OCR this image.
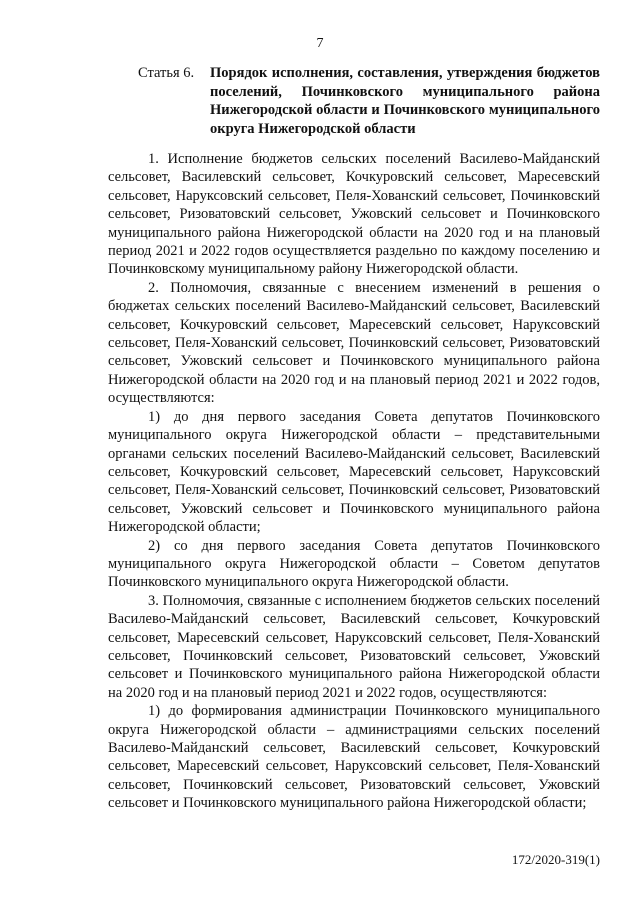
7
Статья 6. Порядок исполнения, составления, утверждения бюджетов поселений, Починковского муниципального района Нижегородской области и Починковского муниципального округа Нижегородской области

1. Исполнение бюджетов сельских поселений Василево-Майданский сельсовет, Василевский сельсовет, Кочкуровский сельсовет, Маресевский сельсовет, Наруксовский сельсовет, Пеля-Хованский сельсовет, Починковский сельсовет, Ризоватовский сельсовет, Ужовский сельсовет и Починковского муниципального района Нижегородской области на 2020 год и на плановый период 2021 и 2022 годов осуществляется раздельно по каждому поселению и Починковскому муниципальному району Нижегородской области.

2. Полномочия, связанные с внесением изменений в решения о бюджетах сельских поселений Василево-Майданский сельсовет, Василевский сельсовет, Кочкуровский сельсовет, Маресевский сельсовет, Наруксовский сельсовет, Пеля-Хованский сельсовет, Починковский сельсовет, Ризоватовский сельсовет, Ужовский сельсовет и Починковского муниципального района Нижегородской области на 2020 год и на плановый период 2021 и 2022 годов, осуществляются:

1) до дня первого заседания Совета депутатов Починковского муниципального округа Нижегородской области – представительными органами сельских поселений Василево-Майданский сельсовет, Василевский сельсовет, Кочкуровский сельсовет, Маресевский сельсовет, Наруксовский сельсовет, Пеля-Хованский сельсовет, Починковский сельсовет, Ризоватовский сельсовет, Ужовский сельсовет и Починковского муниципального района Нижегородской области;

2) со дня первого заседания Совета депутатов Починковского муниципального округа Нижегородской области – Советом депутатов Починковского муниципального округа Нижегородской области.

3. Полномочия, связанные с исполнением бюджетов сельских поселений Василево-Майданский сельсовет, Василевский сельсовет, Кочкуровский сельсовет, Маресевский сельсовет, Наруксовский сельсовет, Пеля-Хованский сельсовет, Починковский сельсовет, Ризоватовский сельсовет, Ужовский сельсовет и Починковского муниципального района Нижегородской области на 2020 год и на плановый период 2021 и 2022 годов, осуществляются:

1) до формирования администрации Починковского муниципального округа Нижегородской области – администрациями сельских поселений Василево-Майданский сельсовет, Василевский сельсовет, Кочкуровский сельсовет, Маресевский сельсовет, Наруксовский сельсовет, Пеля-Хованский сельсовет, Починковский сельсовет, Ризоватовский сельсовет, Ужовский сельсовет и Починковского муниципального района Нижегородской области;

172/2020-319(1)
